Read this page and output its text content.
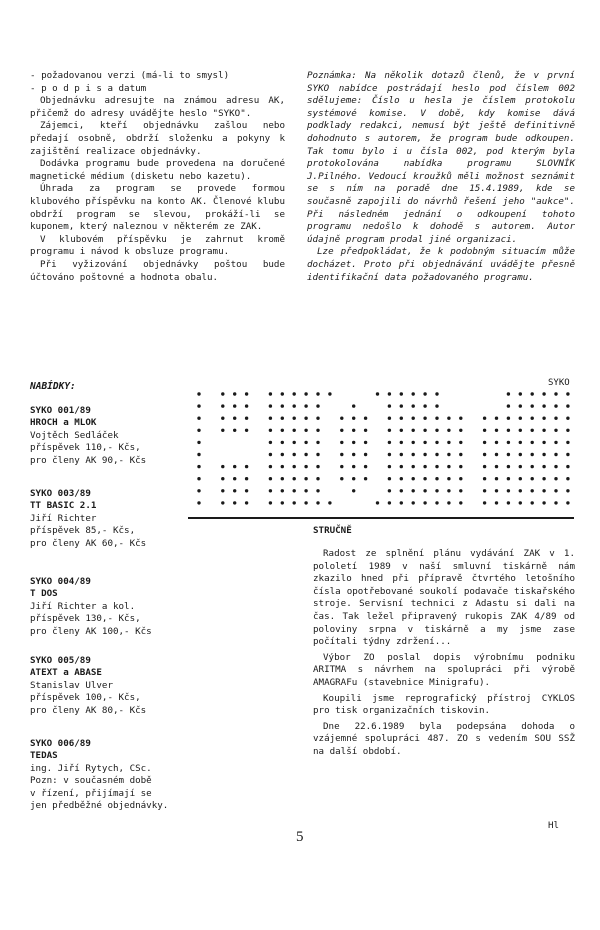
- požadovanou verzi (má-li to smysl)

- p o d p i s a datum

Objednávku adresujte na známou adresu AK, přičemž do adresy uvádějte heslo "SYKO".

Zájemci, kteří objednávku zašlou nebo předají osobně, obdrží složenku a pokyny k zajištění realizace objednávky.

Dodávka programu bude provedena na doručené magnetické médium (disketu nebo kazetu).

Úhrada za program se provede formou klubového příspěvku na konto AK. Členové klubu obdrží program se slevou, prokáží-li se kuponem, který naleznou v některém ze ZAK.

V klubovém příspěvku je zahrnut kromě programu i návod k obsluze programu.

Při vyžizování objednávky poštou bude účtováno poštovné a hodnota obalu.

Poznámka: Na několik dotazů členů, že v první SYKO nabídce postrádají heslo pod číslem 002 sdělujeme: Číslo u hesla je číslem protokolu systémové komise. V době, kdy komise dává podklady redakci, nemusí být ještě definitivně dohodnuto s autorem, že program bude odkoupen. Tak tomu bylo i u čísla 002, pod kterým byla protokolována nabídka programu SLOVNÍK J.Pilného. Vedoucí kroužků měli možnost seznámit se s ním na poradě dne 15.4.1989, kde se současně zapojili do návrhů řešení jeho "aukce". Při následném jednání o odkoupení tohoto programu nedošlo k dohodě s autorem. Autor údajně program prodal jiné organizaci.

Lze předpokládat, že k podobným situacím může docházet. Proto při objednávání uvádějte přesně identifikační data požadovaného programu.

NABÍDKY:
SYKO 001/89
HROCH a MLOK
Vojtěch Sedláček
příspěvek 110,- Kčs,
pro členy AK 90,- Kčs
SYKO 003/89
TT BASIC 2.1
Jiří Richter
příspěvek 85,- Kčs,
pro členy AK 60,- Kčs
SYKO 004/89
T DOS
Jiří Richter a kol.
příspěvek 130,- Kčs,
pro členy AK 100,- Kčs
SYKO 005/89
ATEXT a ABASE
Stanislav Ulver
příspěvek 100,- Kčs,
pro členy AK 80,- Kčs
SYKO 006/89
TEDAS
ing. Jiří Rytych, CSc.
Pozn: v současném době
v řízení, přijímají se
jen předběžné objednávky.
SYKO
STRUČNĚ

Radost ze splnění plánu vydávání ZAK v 1. pololetí 1989 v naší smluvní tiskárně nám zkazilo hned při přípravě čtvrtého letošního čísla opotřebované soukolí podavače tiskařského stroje. Servisní technici z Adastu si dali na čas. Tak ležel připravený rukopis ZAK 4/89 od poloviny srpna v tiskárně a my jsme zase počítali týdny zdržení...

Výbor ZO poslal dopis výrobnímu podniku ARITMA s návrhem na spolupráci při výrobě AMAGRAFu (stavebnice Minigrafu).

Koupili jsme reprografický přístroj CYKLOS pro tisk organizačních tiskovin.

Dne 22.6.1989 byla podepsána dohoda o vzájemné spolupráci 487. ZO s vedením SOU SSŽ na další období.

Hl
5
